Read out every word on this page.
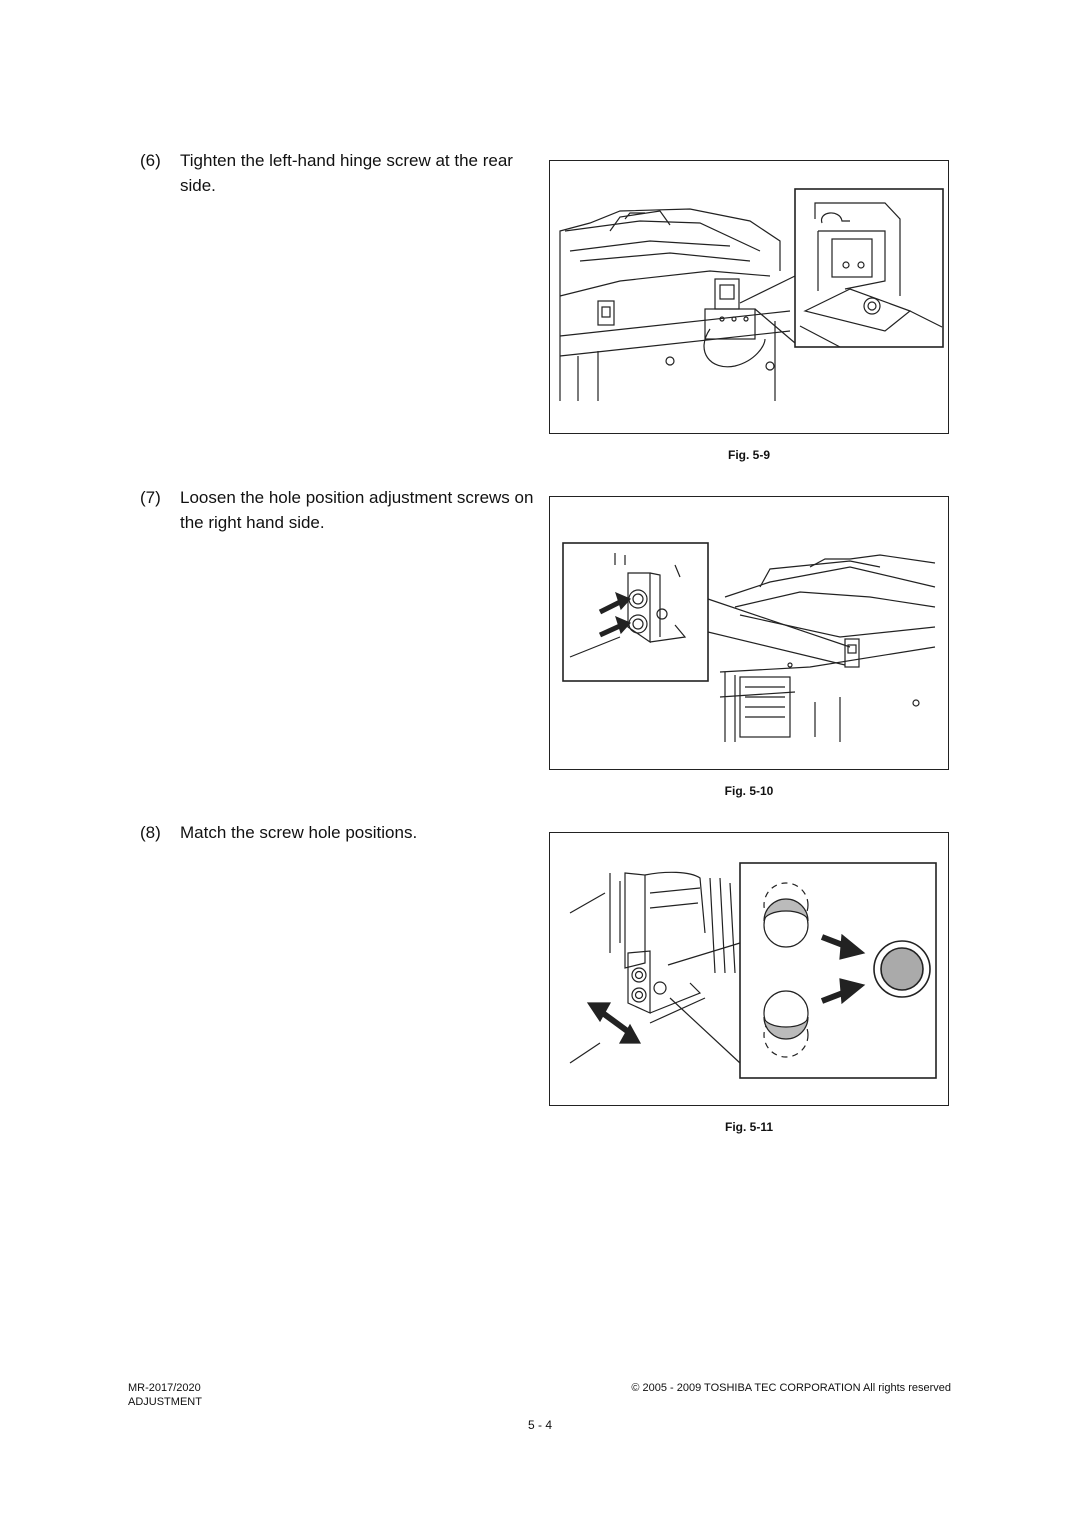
(6) Tighten the left-hand hinge screw at the rear side.
Fig. 5-9
(7) Loosen the hole position adjustment screws on the right hand side.
Fig. 5-10
(8) Match the screw hole positions.
Fig. 5-11
MR-2017/2020
ADJUSTMENT
© 2005 - 2009 TOSHIBA TEC CORPORATION All rights reserved
5 - 4
